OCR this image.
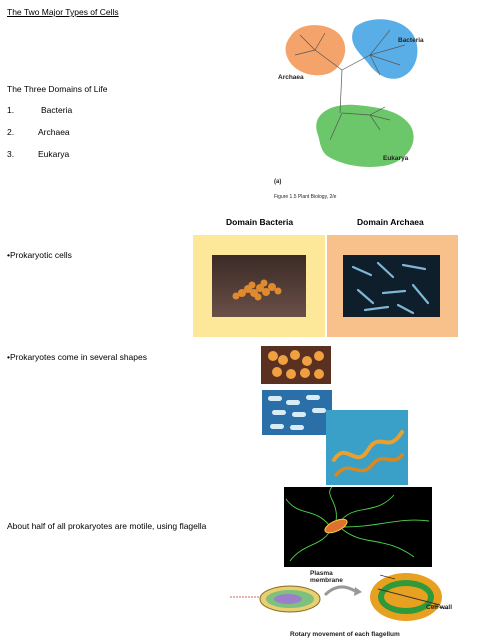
The Two Major Types of Cells
The Three Domains of Life
1.	Bacteria
2.	Archaea
3.	Eukarya
•Prokaryotic cells
•Prokaryotes come in several shapes
About half of all prokaryotes are motile, using flagella
Archaea
Bacteria
Eukarya
(a)
Figure 1.5 Plant Biology, 2/e
Domain Bacteria	Domain Archaea
Plasma
membrane
Cell wall
Rotary movement of each flagellum
